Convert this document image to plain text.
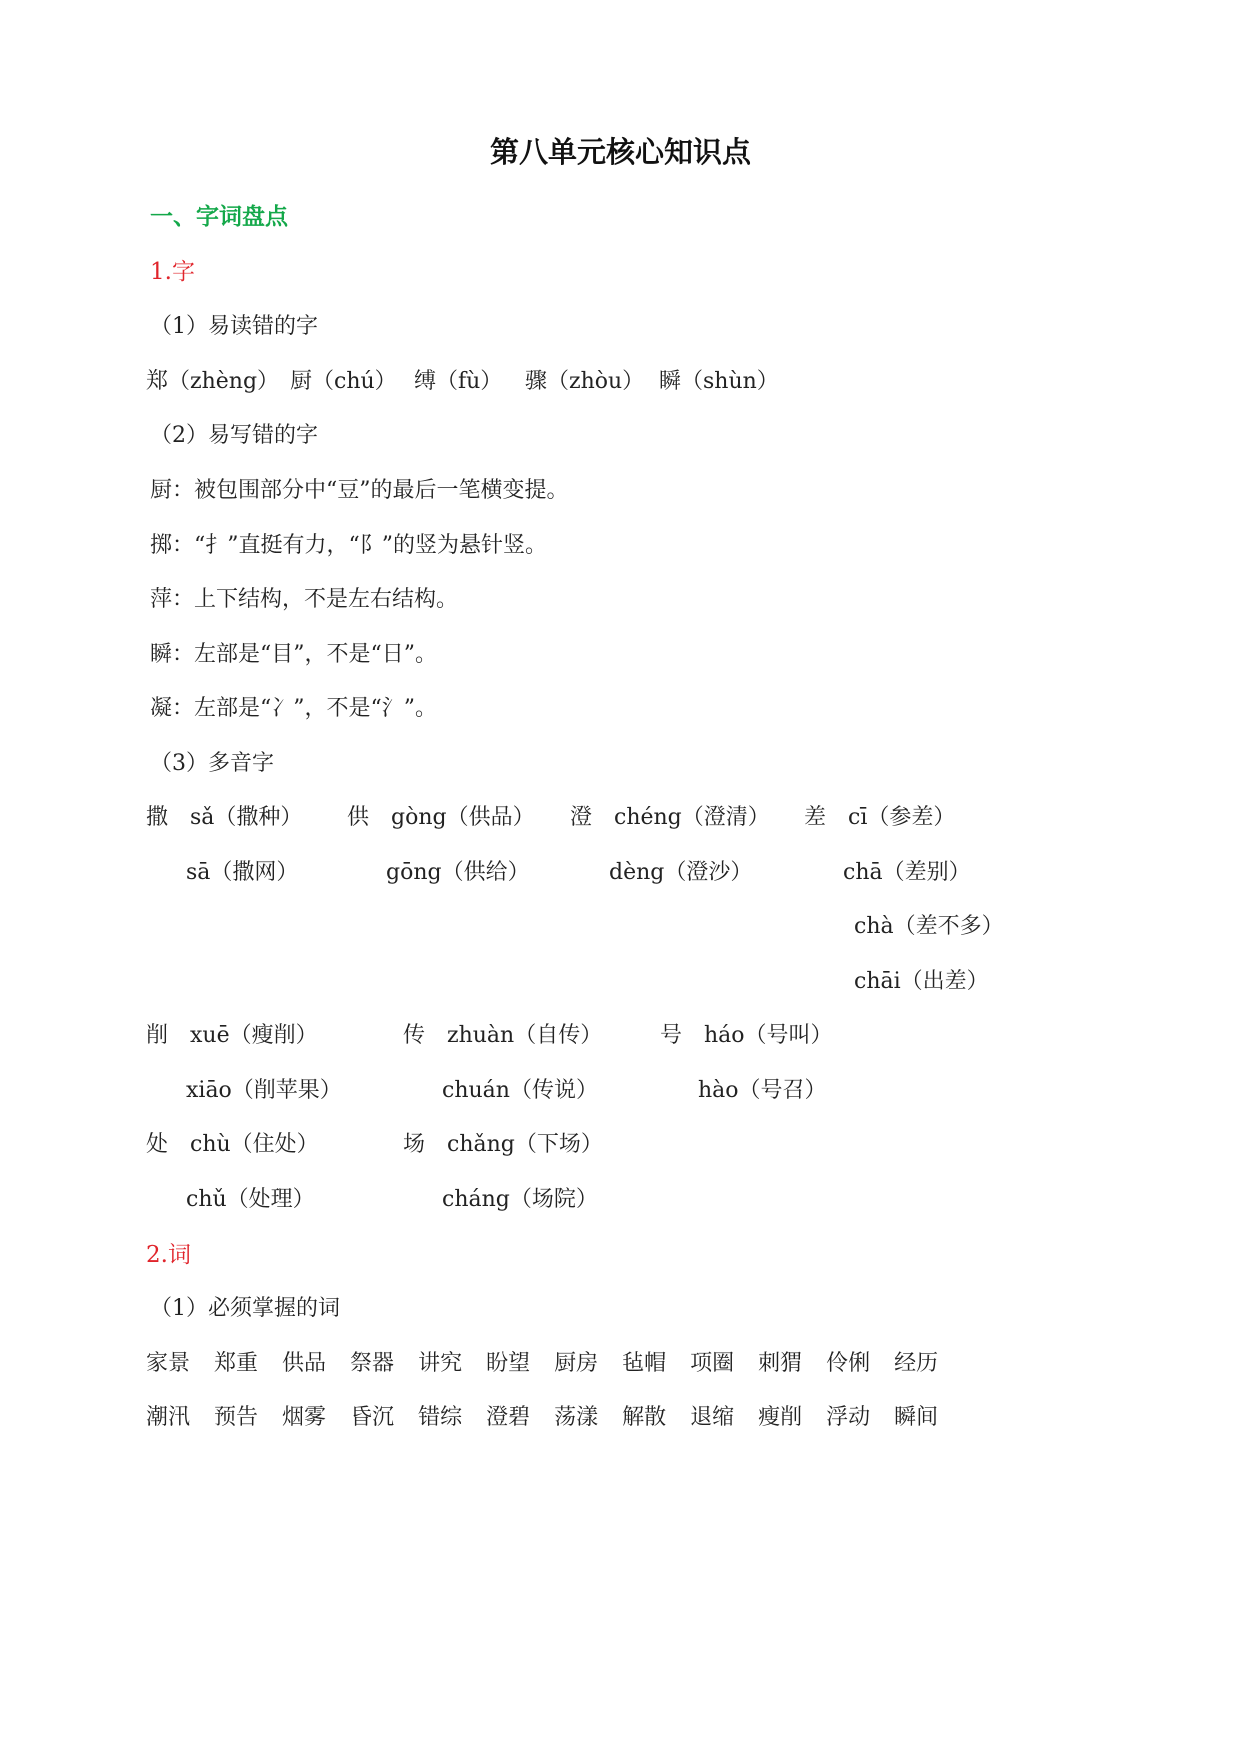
第八单元核心知识点
一、字词盘点
1.字
（1）易读错的字
郑（zhèng） 厨（chú） 缚（fù） 骤（zhòu） 瞬（shùn）
（2）易写错的字
厨：被包围部分中“豆”的最后一笔横变提。
掷：“扌”直挺有力，“阝”的竖为悬针竖。
萍：上下结构，不是左右结构。
瞬：左部是“目”，不是“日”。
凝：左部是“冫”，不是“氵”。
（3）多音字
撒 sǎ（撒种）
sā（撒网）
供 gòng（供品）
gōng（供给）
澄 chéng（澄清）
dèng（澄沙）
差 cī（参差）
chā（差别）
chà（差不多）
chāi（出差）
削 xuē（瘦削）
xiāo（削苹果）
传 zhuàn（自传）
chuán（传说）
号 háo（号叫）
hào（号召）
处 chù（住处）
chǔ（处理）
场 chǎng（下场）
cháng（场院）
2.词
（1）必须掌握的词
家景 郑重 供品 祭器 讲究 盼望 厨房 毡帽 项圈 刺猬 伶俐 经历
潮汛 预告 烟雾 昏沉 错综 澄碧 荡漾 解散 退缩 瘦削 浮动 瞬间
